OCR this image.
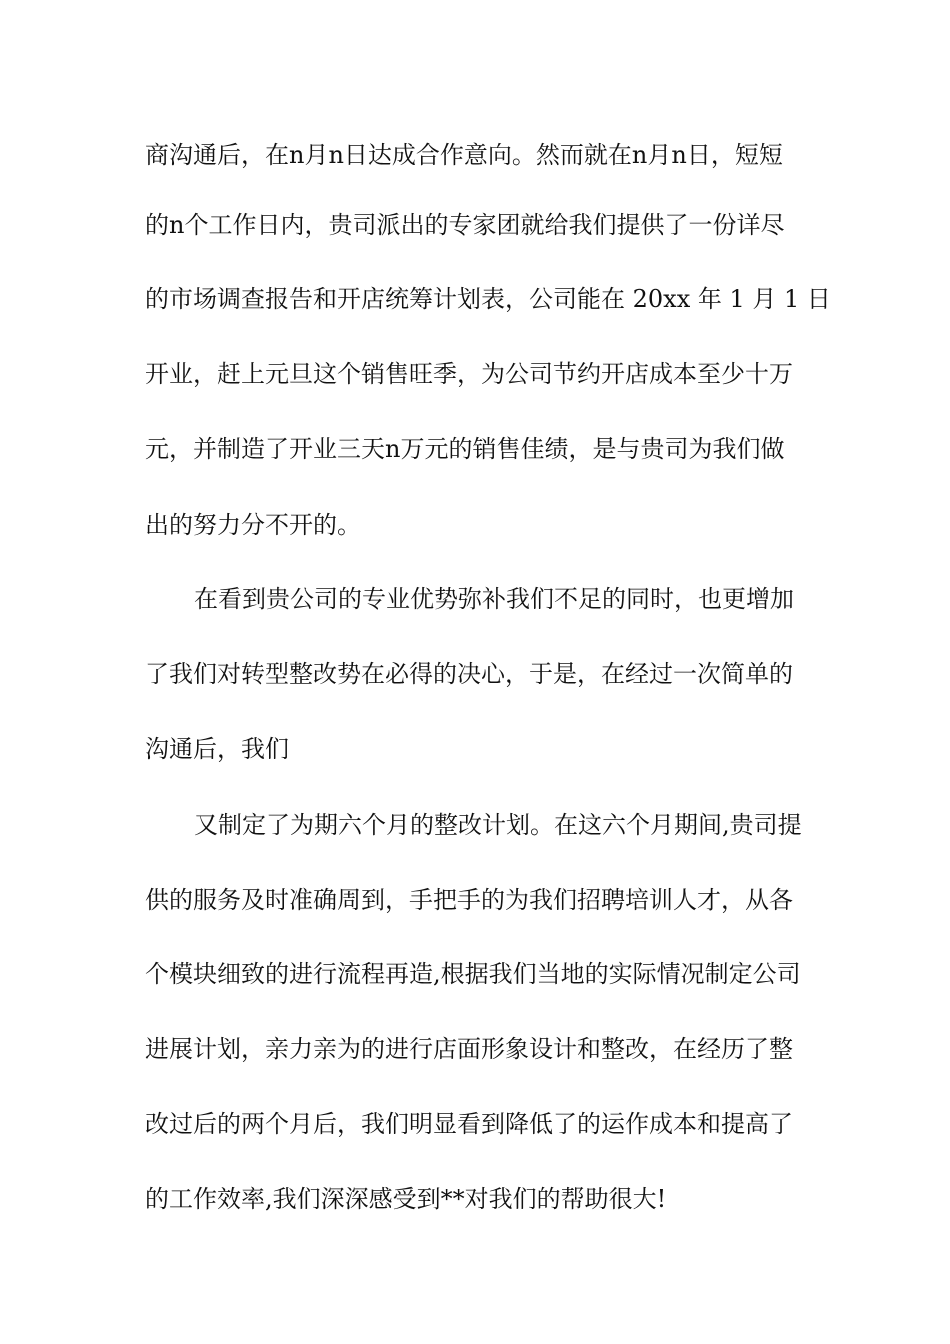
商沟通后，在n月n日达成合作意向。然而就在n月n日，短短
的n个工作日内，贵司派出的专家团就给我们提供了一份详尽
的市场调查报告和开店统筹计划表，公司能在 20xx 年 1 月 1 日
开业，赶上元旦这个销售旺季，为公司节约开店成本至少十万
元，并制造了开业三天n万元的销售佳绩，是与贵司为我们做
出的努力分不开的。
在看到贵公司的专业优势弥补我们不足的同时，也更增加
了我们对转型整改势在必得的决心，于是，在经过一次简单的
沟通后，我们
又制定了为期六个月的整改计划。在这六个月期间,贵司提
供的服务及时准确周到，手把手的为我们招聘培训人才，从各
个模块细致的进行流程再造,根据我们当地的实际情况制定公司
进展计划，亲力亲为的进行店面形象设计和整改，在经历了整
改过后的两个月后，我们明显看到降低了的运作成本和提高了
的工作效率,我们深深感受到**对我们的帮助很大!
